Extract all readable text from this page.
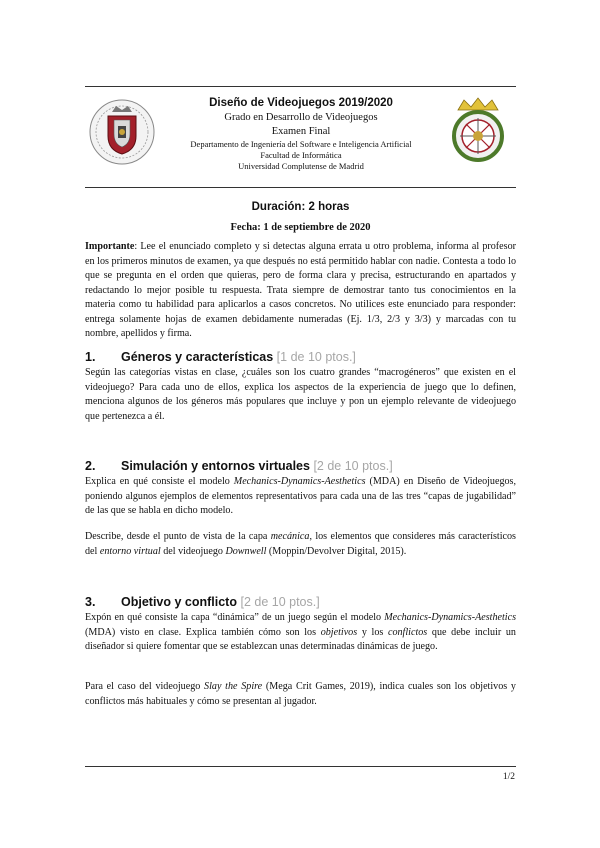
Diseño de Videojuegos 2019/2020
Grado en Desarrollo de Videojuegos
Examen Final
Departamento de Ingeniería del Software e Inteligencia Artificial
Facultad de Informática
Universidad Complutense de Madrid
Duración: 2 horas
Fecha: 1 de septiembre de 2020
Importante: Lee el enunciado completo y si detectas alguna errata u otro problema, informa al profesor en los primeros minutos de examen, ya que después no está permitido hablar con nadie. Contesta a todo lo que se pregunta en el orden que quieras, pero de forma clara y precisa, estructurando en apartados y redactando lo mejor posible tu respuesta. Trata siempre de demostrar tanto tus conocimientos en la materia como tu habilidad para aplicarlos a casos concretos. No utilices este enunciado para responder: entrega solamente hojas de examen debidamente numeradas (Ej. 1/3, 2/3 y 3/3) y marcadas con tu nombre, apellidos y firma.
1. Géneros y características [1 de 10 ptos.]
Según las categorías vistas en clase, ¿cuáles son los cuatro grandes “macrogéneros” que existen en el videojuego? Para cada uno de ellos, explica los aspectos de la experiencia de juego que lo definen, menciona algunos de los géneros más populares que incluye y pon un ejemplo relevante de videojuego que pertenezca a él.
2. Simulación y entornos virtuales [2 de 10 ptos.]
Explica en qué consiste el modelo Mechanics-Dynamics-Aesthetics (MDA) en Diseño de Videojuegos, poniendo algunos ejemplos de elementos representativos para cada una de las tres “capas de jugabilidad” de las que se habla en dicho modelo.
Describe, desde el punto de vista de la capa mecánica, los elementos que consideres más característicos del entorno virtual del videojuego Downwell (Moppin/Devolver Digital, 2015).
3. Objetivo y conflicto [2 de 10 ptos.]
Expón en qué consiste la capa “dinámica” de un juego según el modelo Mechanics-Dynamics-Aesthetics (MDA) visto en clase. Explica también cómo son los objetivos y los conflictos que debe incluir un diseñador si quiere fomentar que se establezcan unas determinadas dinámicas de juego.
Para el caso del videojuego Slay the Spire (Mega Crit Games, 2019), indica cuales son los objetivos y conflictos más habituales y cómo se presentan al jugador.
1/2
